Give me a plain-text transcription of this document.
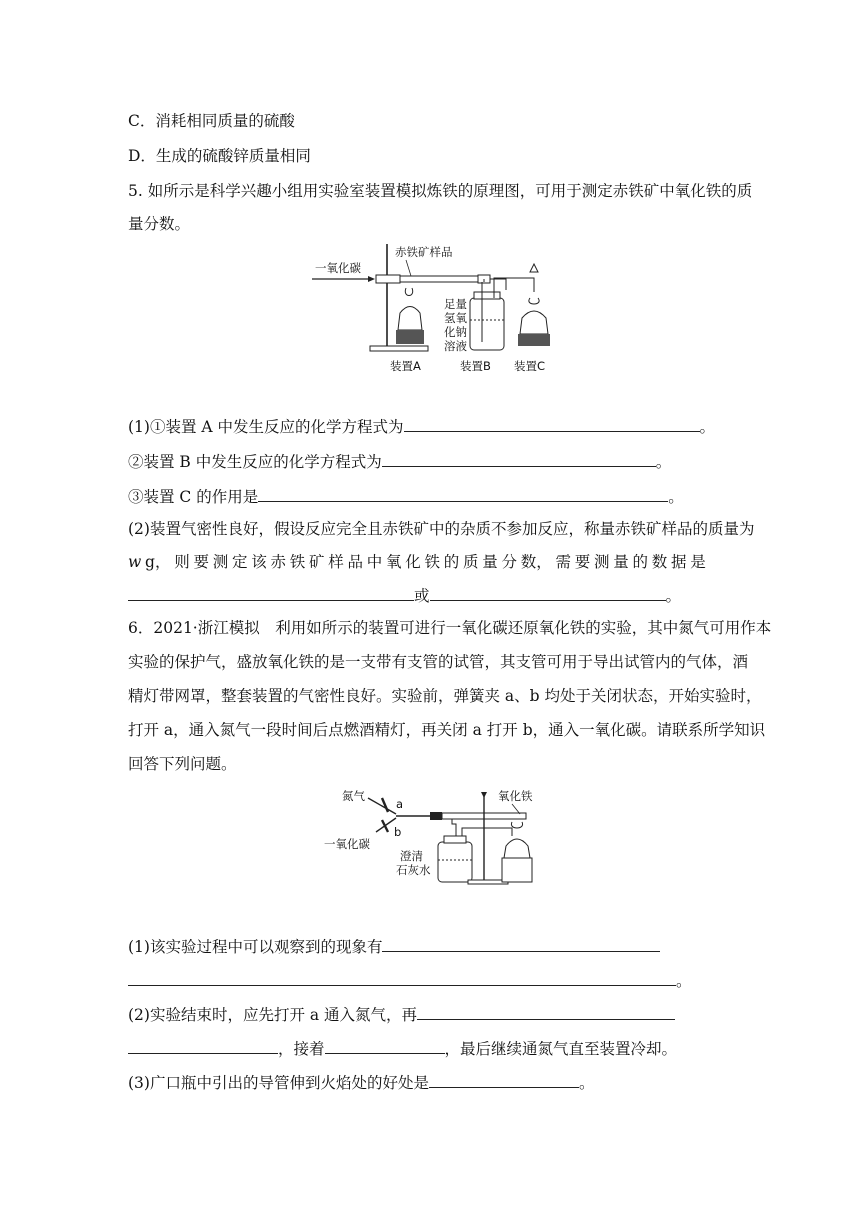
C．消耗相同质量的硫酸
D．生成的硫酸锌质量相同
5. 如所示是科学兴趣小组用实验室装置模拟炼铁的原理图，可用于测定赤铁矿中氧化铁的质
量分数。
一氧化碳
赤铁矿样品
足量
氢氧
化钠
溶液
装置A	装置B 装置C
(1)①装置 A 中发生反应的化学方程式为	。
②装置 B 中发生反应的化学方程式为	。
③装置 C 的作用是	。
(2)装置气密性良好，假设反应完全且赤铁矿中的杂质不参加反应，称量赤铁矿样品的质量为
w g， 则 要 测 定 该 赤 铁 矿 样 品 中 氧 化 铁 的 质 量 分 数， 需 要 测 量 的 数 据 是
或	。
6．2021·浙江模拟　利用如所示的装置可进行一氧化碳还原氧化铁的实验，其中氮气可用作本
实验的保护气，盛放氧化铁的是一支带有支管的试管，其支管可用于导出试管内的气体，酒
精灯带网罩，整套装置的气密性良好。实验前，弹簧夹 a、b 均处于关闭状态，开始实验时，
打开 a，通入氮气一段时间后点燃酒精灯，再关闭 a 打开 b，通入一氧化碳。请联系所学知识
回答下列问题。
氮气
a
b
一氧化碳
澄清
石灰水
氧化铁
(1)该实验过程中可以观察到的现象有
。
(2)实验结束时，应先打开 a 通入氮气，再
，接着	，最后继续通氮气直至装置冷却。
(3)广口瓶中引出的导管伸到火焰处的好处是	。
